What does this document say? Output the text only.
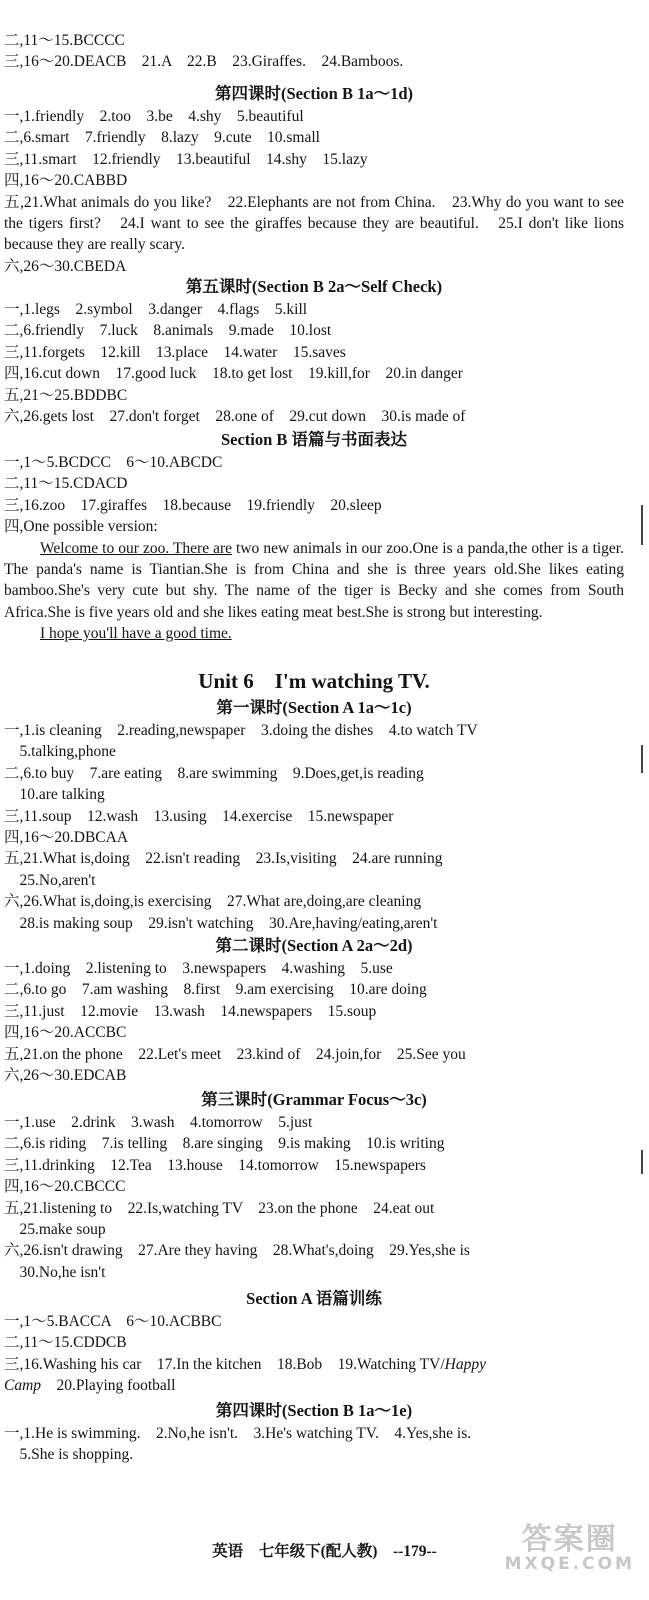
二,11～15.BCCCC
三,16～20.DEACB　21.A　22.B　23.Giraffes.　24.Bamboos.
第四课时(Section B 1a～1d)
一,1.friendly　2.too　3.be　4.shy　5.beautiful
二,6.smart　7.friendly　8.lazy　9.cute　10.small
三,11.smart　12.friendly　13.beautiful　14.shy　15.lazy
四,16～20.CABBD
五,21.What animals do you like?　22.Elephants are not from China.　23.Why do you want to see the tigers first?　24.I want to see the giraffes because they are beautiful.　25.I don't like lions because they are really scary.
六,26～30.CBEDA
第五课时(Section B 2a～Self Check)
一,1.legs　2.symbol　3.danger　4.flags　5.kill
二,6.friendly　7.luck　8.animals　9.made　10.lost
三,11.forgets　12.kill　13.place　14.water　15.saves
四,16.cut down　17.good luck　18.to get lost　19.kill,for　20.in danger
五,21～25.BDDBC
六,26.gets lost　27.don't forget　28.one of　29.cut down　30.is made of
Section B 语篇与书面表达
一,1～5.BCDCC　6～10.ABCDC
二,11～15.CDACD
三,16.zoo　17.giraffes　18.because　19.friendly　20.sleep
四,One possible version:
Welcome to our zoo. There are two new animals in our zoo.One is a panda,the other is a tiger. The panda's name is Tiantian.She is from China and she is three years old.She likes eating bamboo.She's very cute but shy. The name of the tiger is Becky and she comes from South Africa.She is five years old and she likes eating meat best.She is strong but interesting.
I hope you'll have a good time.
Unit 6　I'm watching TV.
第一课时(Section A 1a～1c)
一,1.is cleaning　2.reading,newspaper　3.doing the dishes　4.to watch TV
　5.talking,phone
二,6.to buy　7.are eating　8.are swimming　9.Does,get,is reading
　10.are talking
三,11.soup　12.wash　13.using　14.exercise　15.newspaper
四,16～20.DBCAA
五,21.What is,doing　22.isn't reading　23.Is,visiting　24.are running
　25.No,aren't
六,26.What is,doing,is exercising　27.What are,doing,are cleaning
　28.is making soup　29.isn't watching　30.Are,having/eating,aren't
第二课时(Section A 2a～2d)
一,1.doing　2.listening to　3.newspapers　4.washing　5.use
二,6.to go　7.am washing　8.first　9.am exercising　10.are doing
三,11.just　12.movie　13.wash　14.newspapers　15.soup
四,16～20.ACCBC
五,21.on the phone　22.Let's meet　23.kind of　24.join,for　25.See you
六,26～30.EDCAB
第三课时(Grammar Focus～3c)
一,1.use　2.drink　3.wash　4.tomorrow　5.just
二,6.is riding　7.is telling　8.are singing　9.is making　10.is writing
三,11.drinking　12.Tea　13.house　14.tomorrow　15.newspapers
四,16～20.CBCCC
五,21.listening to　22.Is,watching TV　23.on the phone　24.eat out
　25.make soup
六,26.isn't drawing　27.Are they having　28.What's,doing　29.Yes,she is
　30.No,he isn't
Section A 语篇训练
一,1～5.BACCA　6～10.ACBBC
二,11～15.CDDCB
三,16.Washing his car　17.In the kitchen　18.Bob　19.Watching TV/Happy
Camp　20.Playing football
第四课时(Section B 1a～1e)
一,1.He is swimming.　2.No,he isn't.　3.He's watching TV.　4.Yes,she is.
　5.She is shopping.
英语　七年级下(配人教)　--179--	答案圈
MXQE.COM
